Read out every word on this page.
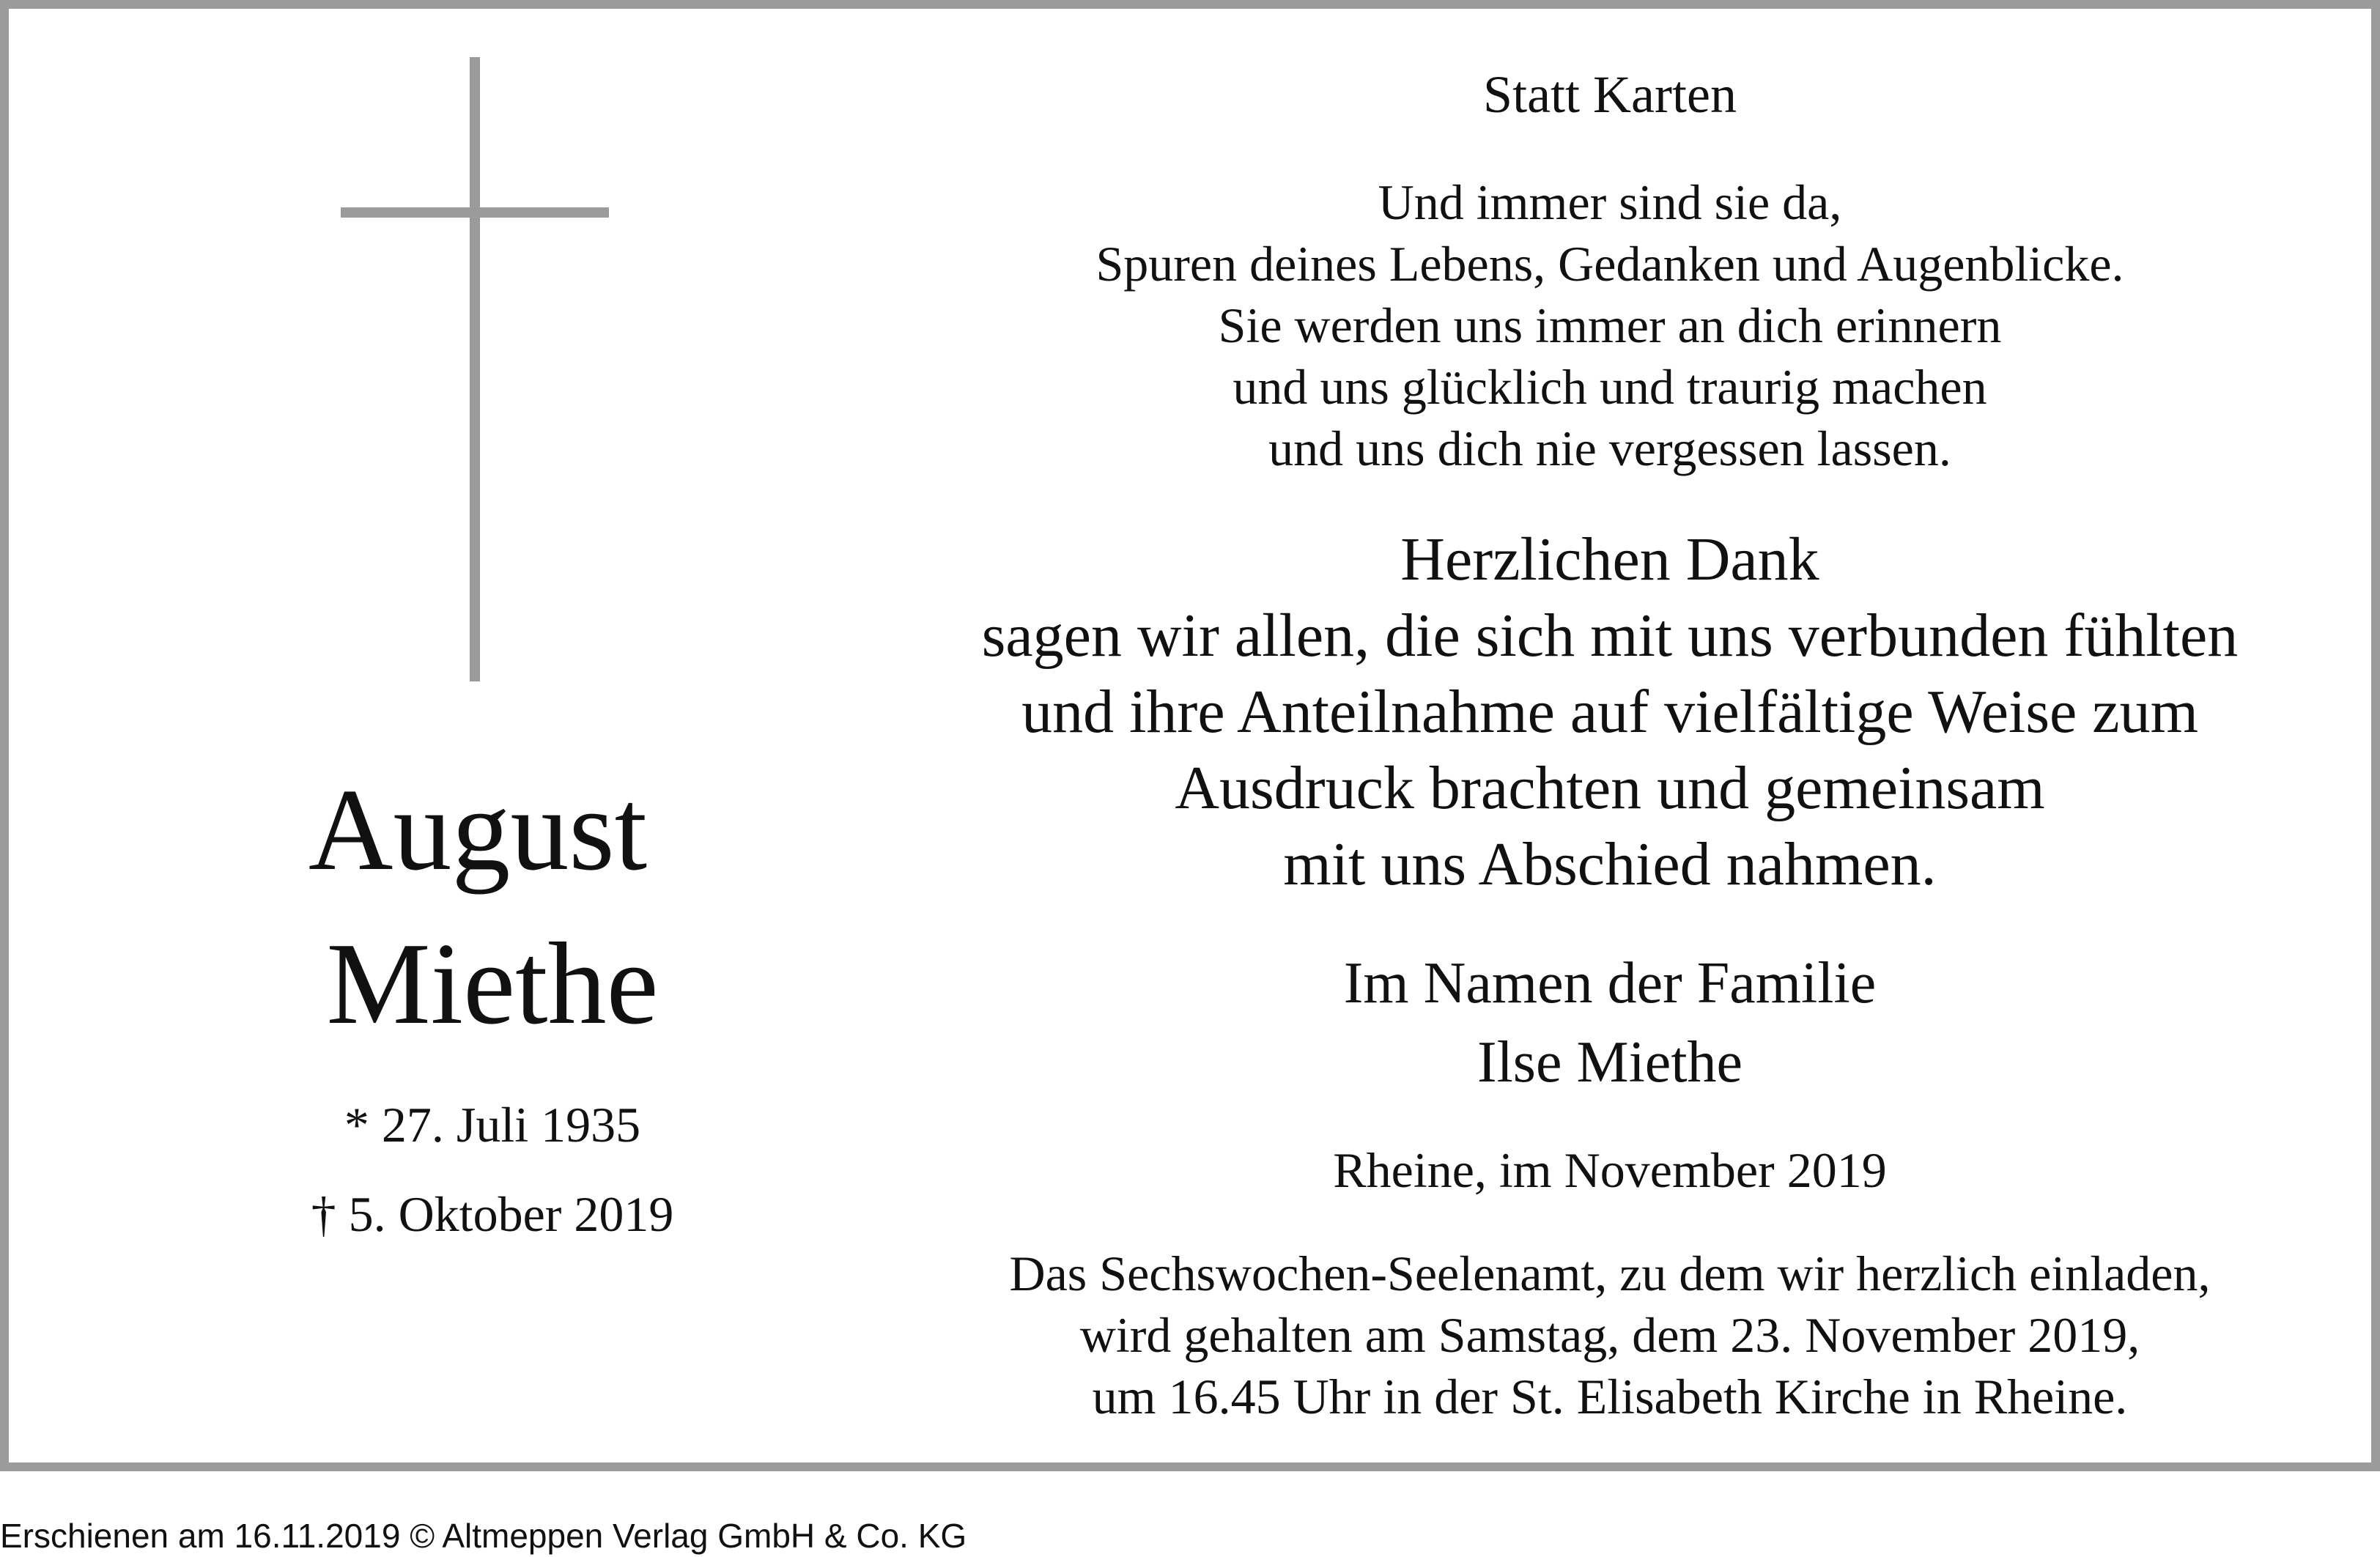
August
Miethe
* 27. Juli 1935
† 5. Oktober 2019
Statt Karten
Und immer sind sie da,
Spuren deines Lebens, Gedanken und Augenblicke.
Sie werden uns immer an dich erinnern
und uns glücklich und traurig machen
und uns dich nie vergessen lassen.
Herzlichen Dank
sagen wir allen, die sich mit uns verbunden fühlten
und ihre Anteilnahme auf vielfältige Weise zum
Ausdruck brachten und gemeinsam
mit uns Abschied nahmen.
Im Namen der Familie
Ilse Miethe
Rheine, im November 2019
Das Sechswochen-Seelenamt, zu dem wir herzlich einladen,
wird gehalten am Samstag, dem 23. November 2019,
um 16.45 Uhr in der St. Elisabeth Kirche in Rheine.
Erschienen am 16.11.2019 © Altmeppen Verlag GmbH & Co. KG
